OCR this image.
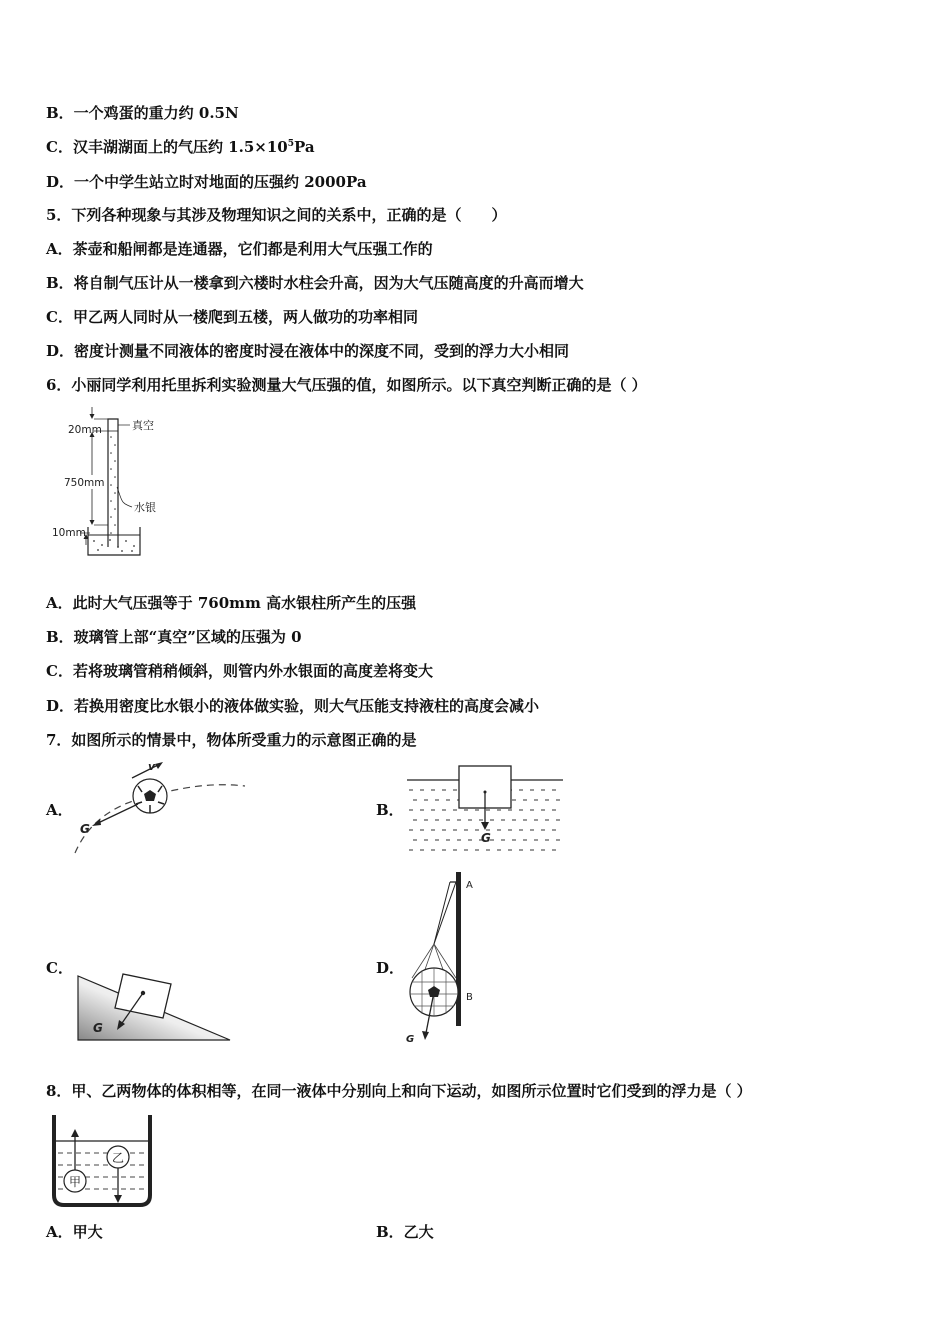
B．一个鸡蛋的重力约 0.5N
C．汉丰湖湖面上的气压约 $1.5\times 10^5Pa$
D．一个中学生站立时对地面的压强约 2000Pa
5．下列各种现象与其涉及物理知识之间的关系中，正确的是（　　）
A．茶壶和船闸都是连通器，它们都是利用大气压强工作的
B．将自制气压计从一楼拿到六楼时水柱会升高，因为大气压随高度的升高而增大
C．甲乙两人同时从一楼爬到五楼，两人做功的功率相同
D．密度计测量不同液体的密度时浸在液体中的深度不同，受到的浮力大小相同
6．小丽同学利用托里拆利实验测量大气压强的值，如图所示。以下真空判断正确的是（ ）
20mm
750mm
10mm
真空
水银
A．此时大气压强等于 760mm 高水银柱所产生的压强
B．玻璃管上部“真空”区域的压强为 0
C．若将玻璃管稍稍倾斜，则管内外水银面的高度差将变大
D．若换用密度比水银小的液体做实验，则大气压能支持液柱的高度会减小
7．如图所示的情景中，物体所受重力的示意图正确的是
A．
v
G
B．
G
C．
G
D．
A
B
G
8．甲、乙两物体的体积相等，在同一液体中分别向上和向下运动，如图所示位置时它们受到的浮力是（ ）
甲
乙
A．甲大	B．乙大
